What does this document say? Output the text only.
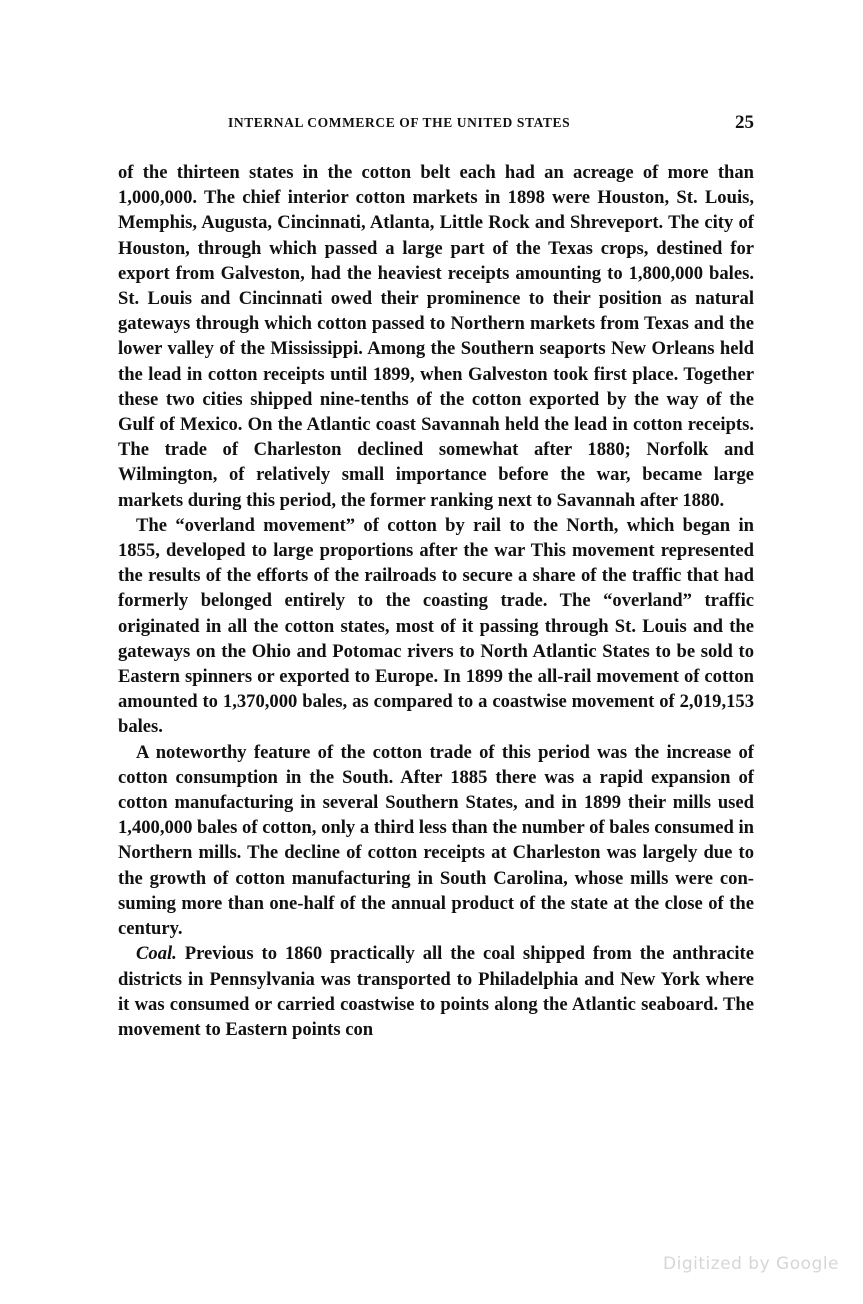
INTERNAL COMMERCE OF THE UNITED STATES	25

of the thirteen states in the cotton belt each had an acreage of more than 1,000,000. The chief interior cotton markets in 1898 were Houston, St. Louis, Memphis, Augusta, Cincinnati, Atlanta, Little Rock and Shreveport. The city of Houston, through which passed a large part of the Texas crops, destined for export from Galveston, had the heaviest receipts amounting to 1,800,000 bales. St. Louis and Cincinnati owed their prominence to their position as natural gateways through which cotton passed to Northern markets from Texas and the lower valley of the Mississippi. Among the Southern seaports New Orleans held the lead in cotton receipts until 1899, when Galveston took first place. Together these two cities shipped nine-tenths of the cotton exported by the way of the Gulf of Mexico. On the Atlantic coast Savannah held the lead in cotton receipts. The trade of Charleston declined somewhat after 1880; Norfolk and Wilmington, of relatively small importance before the war, became large markets during this period, the former ranking next to Savannah after 1880.

The “overland movement” of cotton by rail to the North, which began in 1855, developed to large proportions after the war This movement represented the results of the efforts of the railroads to secure a share of the traffic that had formerly belonged entirely to the coasting trade. The “overland” traffic originated in all the cotton states, most of it passing through St. Louis and the gateways on the Ohio and Potomac rivers to North Atlantic States to be sold to Eastern spinners or exported to Europe. In 1899 the all-rail movement of cotton amounted to 1,370,000 bales, as compared to a coastwise movement of 2,019,153 bales.

A noteworthy feature of the cotton trade of this period was the increase of cotton consumption in the South. After 1885 there was a rapid expansion of cotton manufacturing in several Southern States, and in 1899 their mills used 1,400,000 bales of cotton, only a third less than the number of bales consumed in Northern mills. The decline of cotton receipts at Charleston was largely due to the growth of cotton manufacturing in South Carolina, whose mills were consuming more than one-half of the annual product of the state at the close of the century.

Coal. Previous to 1860 practically all the coal shipped from the anthracite districts in Pennsylvania was transported to Philadelphia and New York where it was consumed or carried coastwise to points along the Atlantic seaboard. The movement to Eastern points con

Digitized by Google
